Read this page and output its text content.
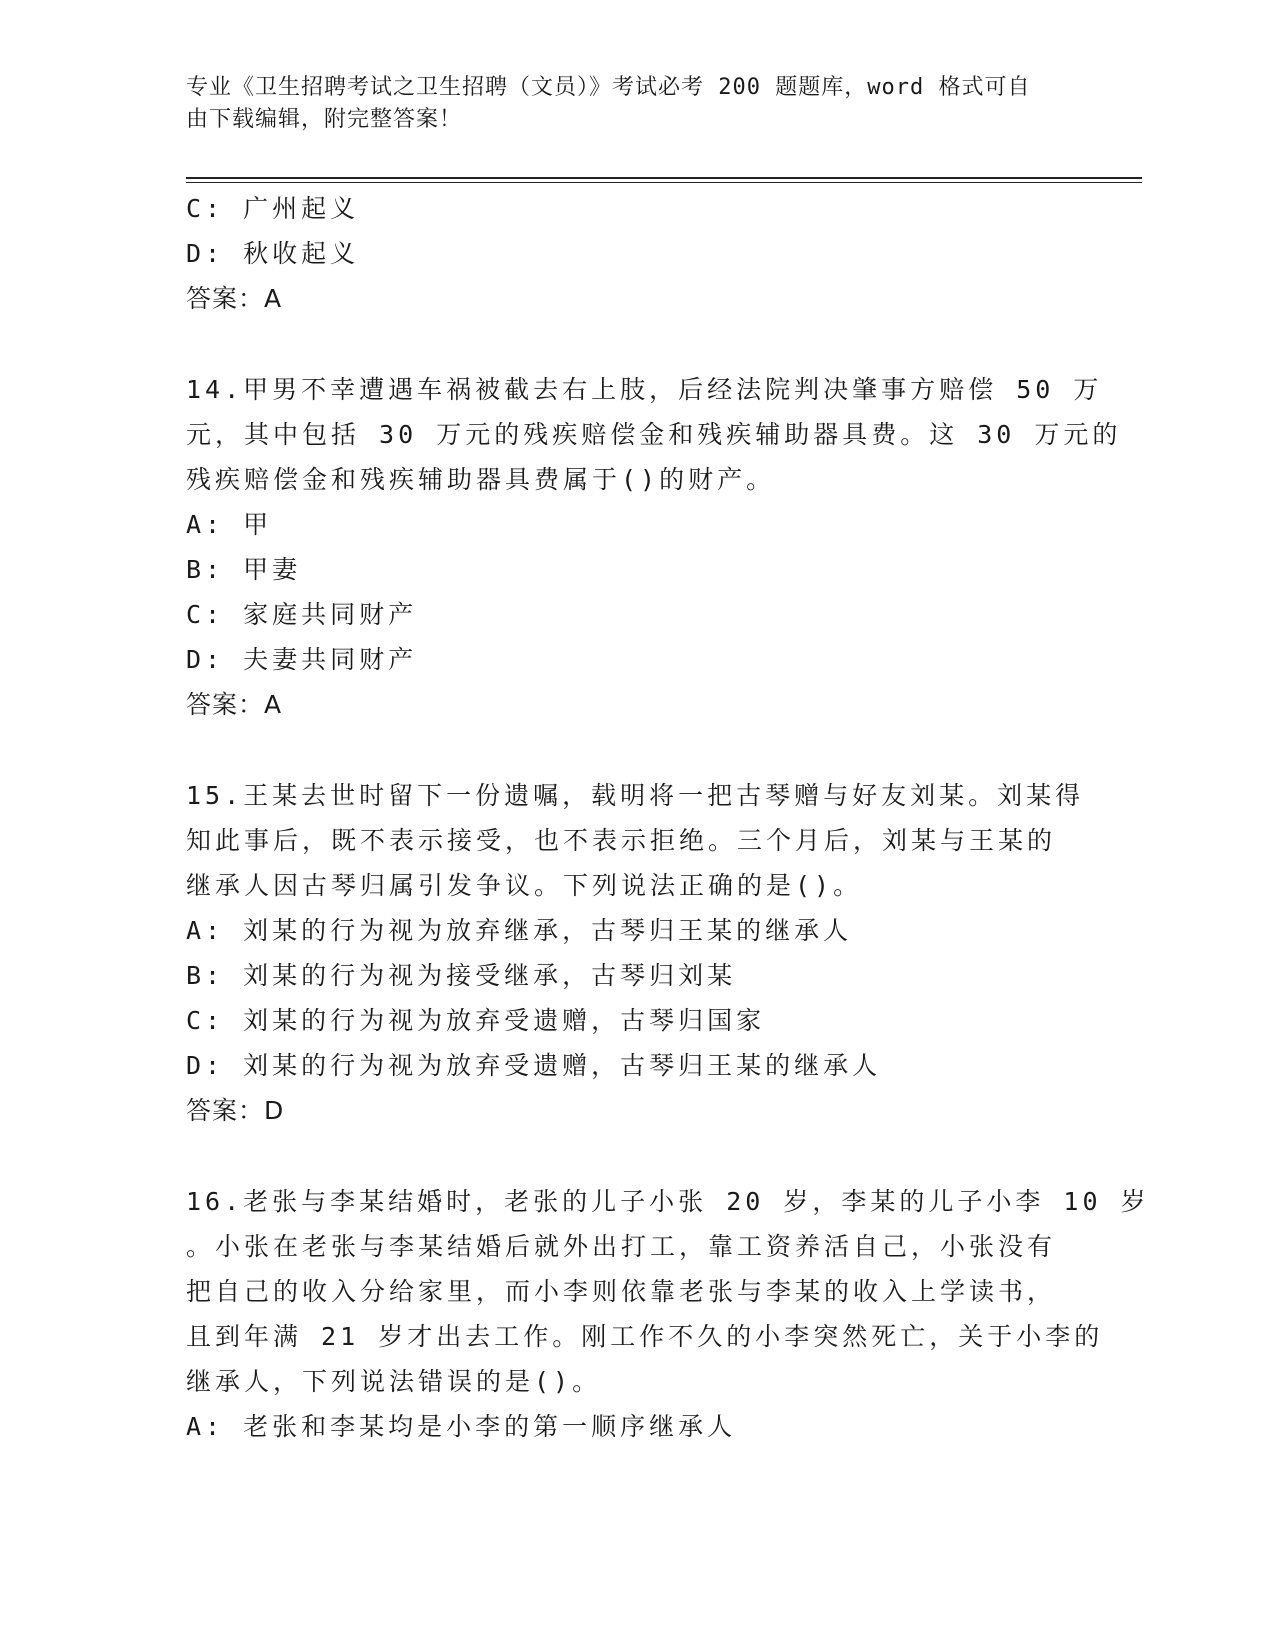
专业《卫生招聘考试之卫生招聘（文员）》考试必考 200 题题库，word 格式可自
由下载编辑，附完整答案！
C: 广州起义
D: 秋收起义
答案：A
14.甲男不幸遭遇车祸被截去右上肢，后经法院判决肇事方赔偿 50 万
元，其中包括 30 万元的残疾赔偿金和残疾辅助器具费。这 30 万元的
残疾赔偿金和残疾辅助器具费属于()的财产。
A: 甲
B: 甲妻
C: 家庭共同财产
D: 夫妻共同财产
答案：A
15.王某去世时留下一份遗嘱，载明将一把古琴赠与好友刘某。刘某得
知此事后，既不表示接受，也不表示拒绝。三个月后，刘某与王某的
继承人因古琴归属引发争议。下列说法正确的是()。
A: 刘某的行为视为放弃继承，古琴归王某的继承人
B: 刘某的行为视为接受继承，古琴归刘某
C: 刘某的行为视为放弃受遗赠，古琴归国家
D: 刘某的行为视为放弃受遗赠，古琴归王某的继承人
答案：D
16.老张与李某结婚时，老张的儿子小张 20 岁，李某的儿子小李 10 岁
。小张在老张与李某结婚后就外出打工，靠工资养活自己，小张没有
把自己的收入分给家里，而小李则依靠老张与李某的收入上学读书，
且到年满 21 岁才出去工作。刚工作不久的小李突然死亡，关于小李的
继承人，下列说法错误的是()。
A: 老张和李某均是小李的第一顺序继承人
